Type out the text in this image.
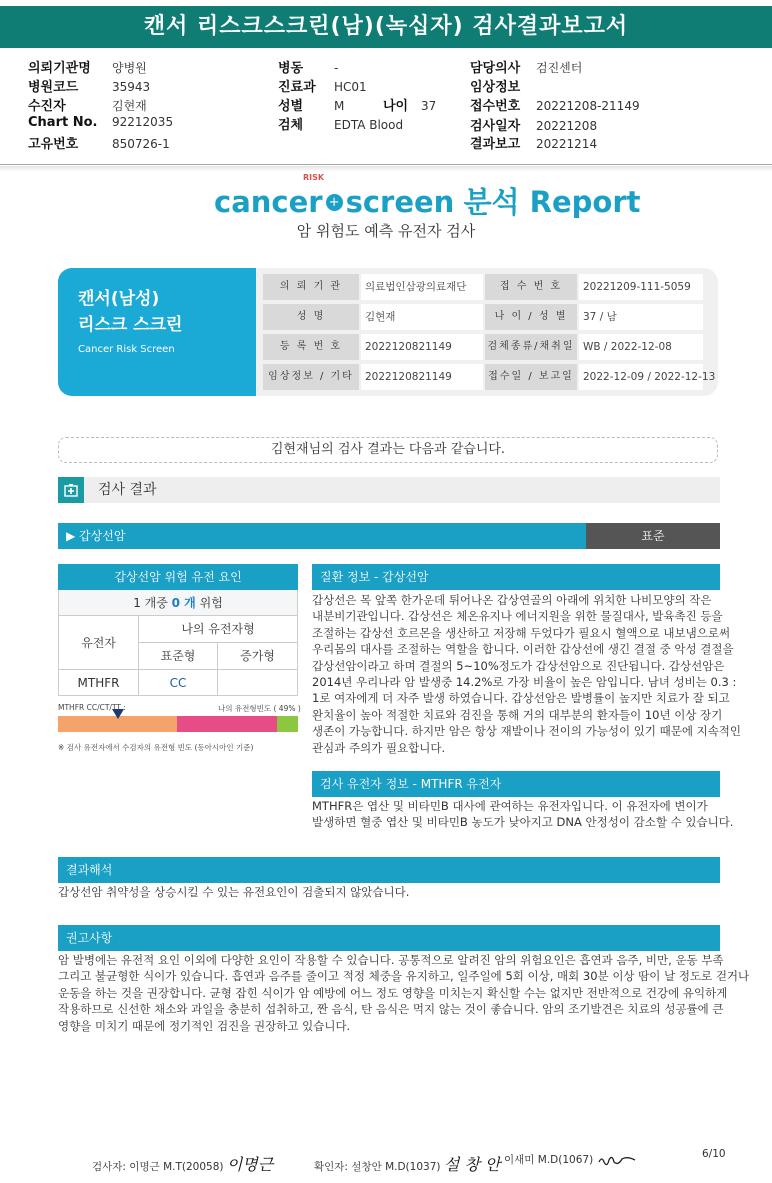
캔서 리스크스크린(남)(녹십자) 검사결과보고서
의뢰기관명 양병원
병원코드	35943
수진자	김현재
Chart No. 92212035
고유번호	850726-1
병동	-
진료과 HC01
성별	M
검체	EDTA Blood
나이 37
담당의사 검진센터
임상정보
접수번호 20221208-21149
검사일자 20221208
결과보고 20221214
cancer
RISK
+ screen 분석 Report
암 위험도 예측 유전자 검사
캔서(남성)
리스크 스크린
Cancer Risk Screen
의 뢰 기 관	의료법인삼광의료재단	접 수 번 호	20221209-111-5059
성 명	김현재	나 이 / 성 별	37 / 남
등 록 번 호	2022120821149	검체종류/채취일 WB / 2022-12-08
임상정보 / 기타	2022120821149	접수일 / 보고일 2022-12-09 / 2022-12-13
김현재님의 검사 결과는 다음과 같습니다.
검사 결과
▶ 갑상선암	표준
갑상선암 위험 유전 요인
1 개중 0 개 위험
유전자
나의 유전자형
표준형	증가형
MTHFR	CC
MTHFR CC/CT/TT :	나의 유전형빈도 ( 49% )
※ 검사 유전자에서 수검자의 유전형 빈도 (동아시아인 기준)
질환 정보 - 갑상선암
갑상선은 목 앞쪽 한가운데 튀어나온 갑상연골의 아래에 위치한 나비모양의 작은
내분비기관입니다. 갑상선은 체온유지나 에너지원을 위한 물질대사, 발육촉진 등을
조절하는 갑상선 호르몬을 생산하고 저장해 두었다가 필요시 혈액으로 내보냄으로써
우리몸의 대사를 조절하는 역할을 합니다. 이러한 갑상선에 생긴 결절 중 악성 결절을
갑상선암이라고 하며 결절의 5~10%정도가 갑상선암으로 진단됩니다. 갑상선암은
2014년 우리나라 암 발생중 14.2%로 가장 비율이 높은 암입니다. 남녀 성비는 0.3 :
1로 여자에게 더 자주 발생 하였습니다. 갑상선암은 발병률이 높지만 치료가 잘 되고
완치율이 높아 적절한 치료와 검진을 통해 거의 대부분의 환자들이 10년 이상 장기
생존이 가능합니다. 하지만 암은 항상 재발이나 전이의 가능성이 있기 때문에 지속적인
관심과 주의가 필요합니다.
검사 유전자 정보 - MTHFR 유전자
MTHFR은 엽산 및 비타민B 대사에 관여하는 유전자입니다. 이 유전자에 변이가
발생하면 혈중 엽산 및 비타민B 농도가 낮아지고 DNA 안정성이 감소할 수 있습니다.
결과해석
갑상선암 취약성을 상승시킬 수 있는 유전요인이 검출되지 않았습니다.
권고사항
암 발병에는 유전적 요인 이외에 다양한 요인이 작용할 수 있습니다. 공통적으로 알려진 암의 위험요인은 흡연과 음주, 비만, 운동 부족
그리고 불균형한 식이가 있습니다. 흡연과 음주를 줄이고 적정 체중을 유지하고, 일주일에 5회 이상, 매회 30분 이상 땀이 날 정도로 걷거나
운동을 하는 것을 권장합니다. 균형 잡힌 식이가 암 예방에 어느 정도 영향을 미치는지 확신할 수는 없지만 전반적으로 건강에 유익하게
작용하므로 신선한 채소와 과일을 충분히 섭취하고, 짠 음식, 탄 음식은 먹지 않는 것이 좋습니다. 암의 조기발견은 치료의 성공률에 큰
영향을 미치기 때문에 정기적인 검진을 권장하고 있습니다.
검사자: 이명근 M.T(20058) 이명근	확인자: 설창안 M.D(1037) 설 창 안 이새미 M.D(1067)	6/10
